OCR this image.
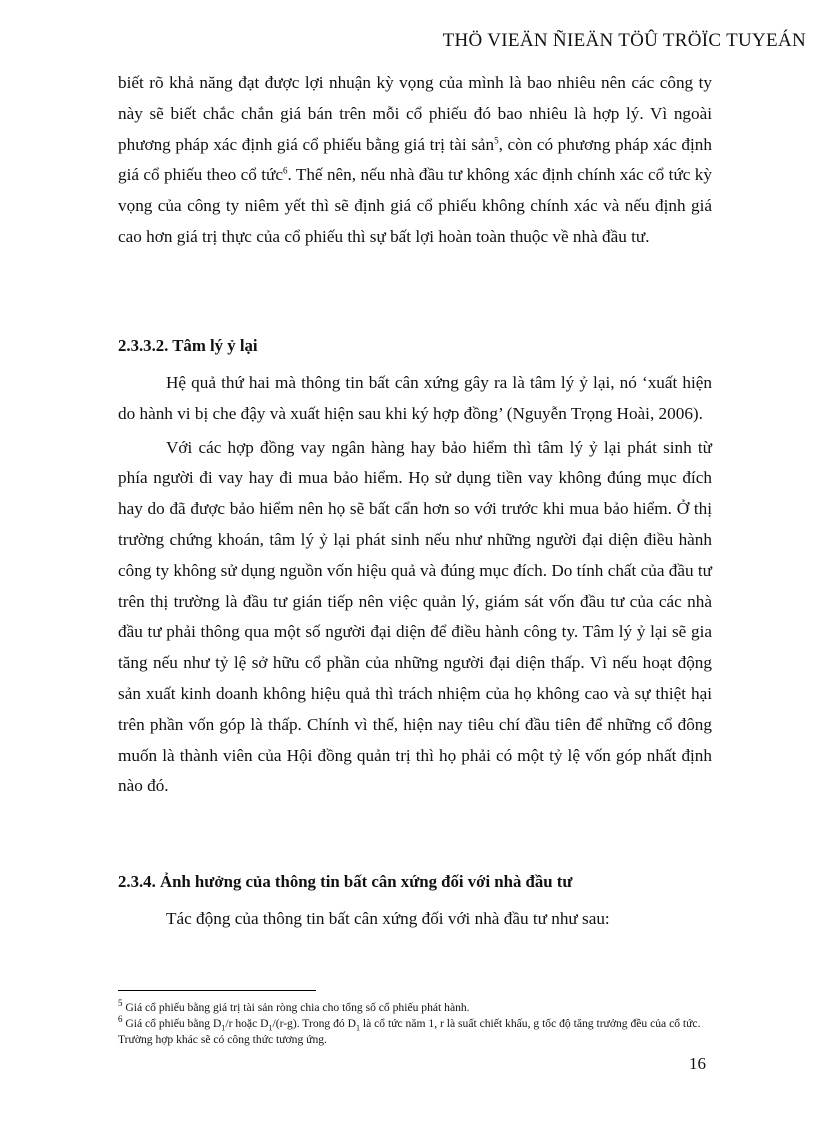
THÖ VIEÄN ÑIEÄN TÖÛ TRÖÏC TUYEÁN

biết rõ khả năng đạt được lợi nhuận kỳ vọng của mình là bao nhiêu nên các công ty này sẽ biết chắc chắn giá bán trên mỗi cổ phiếu đó bao nhiêu là hợp lý. Vì ngoài phương pháp xác định giá cổ phiếu bằng giá trị tài sản$^5$, còn có phương pháp xác định giá cổ phiếu theo cổ tức$^6$. Thế nên, nếu nhà đầu tư không xác định chính xác cổ tức kỳ vọng của công ty niêm yết thì sẽ định giá cổ phiếu không chính xác và nếu định giá cao hơn giá trị thực của cổ phiếu thì sự bất lợi hoàn toàn thuộc về nhà đầu tư.

2.3.3.2. Tâm lý ỷ lại

Hệ quả thứ hai mà thông tin bất cân xứng gây ra là tâm lý ỷ lại, nó ‘xuất hiện do hành vi bị che đậy và xuất hiện sau khi ký hợp đồng’ (Nguyễn Trọng Hoài, 2006).

Với các hợp đồng vay ngân hàng hay bảo hiểm thì tâm lý ỷ lại phát sinh từ phía người đi vay hay đi mua bảo hiểm. Họ sử dụng tiền vay không đúng mục đích hay do đã được bảo hiểm nên họ sẽ bất cẩn hơn so với trước khi mua bảo hiểm. Ở thị trường chứng khoán, tâm lý ỷ lại phát sinh nếu như những người đại diện điều hành công ty không sử dụng nguồn vốn hiệu quả và đúng mục đích. Do tính chất của đầu tư trên thị trường là đầu tư gián tiếp nên việc quản lý, giám sát vốn đầu tư của các nhà đầu tư phải thông qua một số người đại diện để điều hành công ty. Tâm lý ỷ lại sẽ gia tăng nếu như tỷ lệ sở hữu cổ phần của những người đại diện thấp. Vì nếu hoạt động sản xuất kinh doanh không hiệu quả thì trách nhiệm của họ không cao và sự thiệt hại trên phần vốn góp là thấp. Chính vì thế, hiện nay tiêu chí đầu tiên để những cổ đông muốn là thành viên của Hội đồng quản trị thì họ phải có một tỷ lệ vốn góp nhất định nào đó.

2.3.4. Ảnh hưởng của thông tin bất cân xứng đối với nhà đầu tư

Tác động của thông tin bất cân xứng đối với nhà đầu tư như sau:

$^5$ Giá cổ phiếu bằng giá trị tài sản ròng chia cho tổng số cổ phiếu phát hành.

$^6$ Giá cổ phiếu bằng $D_1/r$ hoặc $D_1/(r-g)$. Trong đó $D_1$ là cổ tức năm 1, r là suất chiết khấu, g tốc độ tăng trưởng đều của cổ tức. Trường hợp khác sẽ có công thức tương ứng.

16
